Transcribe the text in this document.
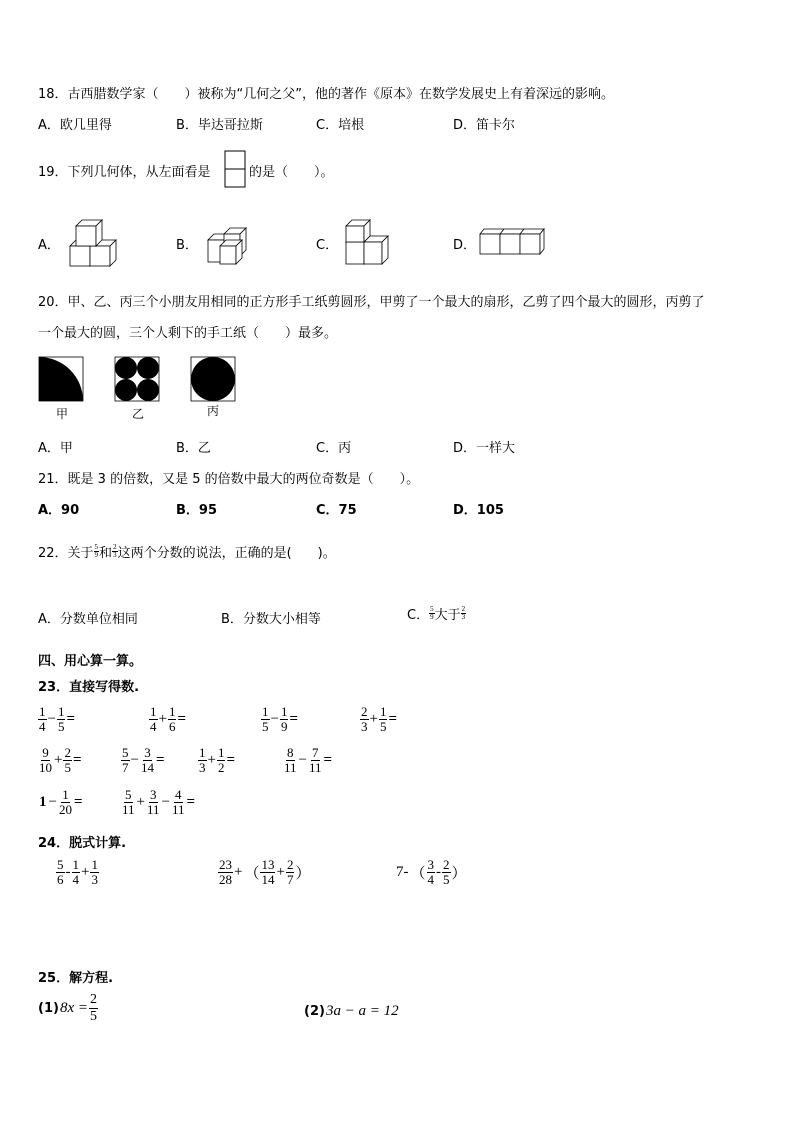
18．古西腊数学家（　　）被称为“几何之父”，他的著作《原本》在数学发展史上有着深远的影响。
A．欧几里得	B．毕达哥拉斯	C．培根	D．笛卡尔
19．下列几何体，从左面看是	的是（　　）。
A．	B．	C．	D．
20．甲、乙、丙三个小朋友用相同的正方形手工纸剪圆形，甲剪了一个最大的扇形，乙剪了四个最大的圆形，丙剪了
一个最大的圆，三个人剩下的手工纸（　　）最多。
甲	乙	丙
A．甲	B．乙	C．丙	D．一样大
21．既是 3 的倍数，又是 5 的倍数中最大的两位奇数是（　　）。
A．90	B．95	C．75	D．105
22．关于 $\frac{5}{9}$ 和 $\frac{2}{3}$ 这两个分数的说法，正确的是(　　)。
A．分数单位相同	B．分数大小相等	C． $\frac{5}{9}$ 大于 $\frac{2}{3}$
四、用心算一算。
23．直接写得数.
$\frac{1}{4} - \frac{1}{5}$ =	$\frac{1}{4} + \frac{1}{6}$ =	$\frac{1}{5} - \frac{1}{9}$ =	$\frac{2}{3} + \frac{1}{5}$ =
$\frac{9}{10} + \frac{2}{5}$ =	$\frac{5}{7} - \frac{3}{14}$ =	$\frac{1}{3} + \frac{1}{2}$ =	$\frac{8}{11} - \frac{7}{11}$ =
$1 - \frac{1}{20}$ =	$\frac{5}{11} + \frac{3}{11} - \frac{4}{11}$ =
24．脱式计算.
$\frac{5}{6} - \frac{1}{4} + \frac{1}{3}$	$\frac{23}{28}$ + （ $\frac{13}{14} + \frac{2}{7}$ ）	7- （ $\frac{3}{4} - \frac{2}{5}$ ）
25．解方程.
(1) $8x = \frac{2}{5}$	(2) 3a − a = 12
